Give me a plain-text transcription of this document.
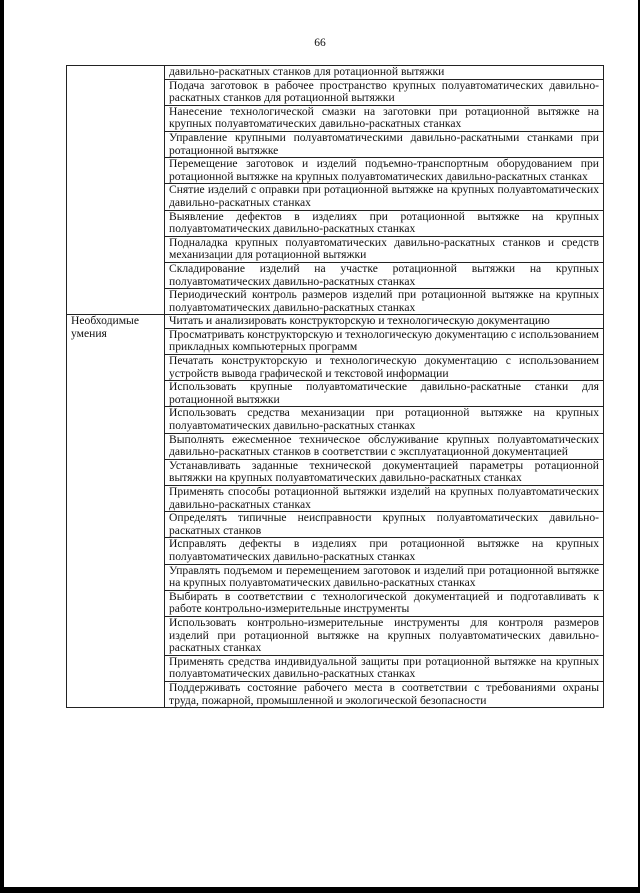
66
	давильно-раскатных станков для ротационной вытяжки
	Подача заготовок в рабочее пространство крупных полуавтоматических давильно-раскатных станков для ротационной вытяжки
	Нанесение технологической смазки на заготовки при ротационной вытяжке на крупных полуавтоматических давильно-раскатных станках
	Управление крупными полуавтоматическими давильно-раскатными станками при ротационной вытяжке
	Перемещение заготовок и изделий подъемно-транспортным оборудованием при ротационной вытяжке на крупных полуавтоматических давильно-раскатных станках
	Снятие изделий с оправки при ротационной вытяжке на крупных полуавтоматических давильно-раскатных станках
	Выявление дефектов в изделиях при ротационной вытяжке на крупных полуавтоматических давильно-раскатных станках
	Подналадка крупных полуавтоматических давильно-раскатных станков и средств механизации для ротационной вытяжки
	Складирование изделий на участке ротационной вытяжки на крупных полуавтоматических давильно-раскатных станках
	Периодический контроль размеров изделий при ротационной вытяжке на крупных полуавтоматических давильно-раскатных станках
Необходимые умения	Читать и анализировать конструкторскую и технологическую документацию
	Просматривать конструкторскую и технологическую документацию с использованием прикладных компьютерных программ
	Печатать конструкторскую и технологическую документацию с использованием устройств вывода графической и текстовой информации
	Использовать крупные полуавтоматические давильно-раскатные станки для ротационной вытяжки
	Использовать средства механизации при ротационной вытяжке на крупных полуавтоматических давильно-раскатных станках
	Выполнять ежесменное техническое обслуживание крупных полуавтоматических давильно-раскатных станков в соответствии с эксплуатационной документацией
	Устанавливать заданные технической документацией параметры ротационной вытяжки на крупных полуавтоматических давильно-раскатных станках
	Применять способы ротационной вытяжки изделий на крупных полуавтоматических давильно-раскатных станках
	Определять типичные неисправности крупных полуавтоматических давильно-раскатных станков
	Исправлять дефекты в изделиях при ротационной вытяжке на крупных полуавтоматических давильно-раскатных станках
	Управлять подъемом и перемещением заготовок и изделий при ротационной вытяжке на крупных полуавтоматических давильно-раскатных станках
	Выбирать в соответствии с технологической документацией и подготавливать к работе контрольно-измерительные инструменты
	Использовать контрольно-измерительные инструменты для контроля размеров изделий при ротационной вытяжке на крупных полуавтоматических давильно-раскатных станках
	Применять средства индивидуальной защиты при ротационной вытяжке на крупных полуавтоматических давильно-раскатных станках
	Поддерживать состояние рабочего места в соответствии с требованиями охраны труда, пожарной, промышленной и экологической безопасности
